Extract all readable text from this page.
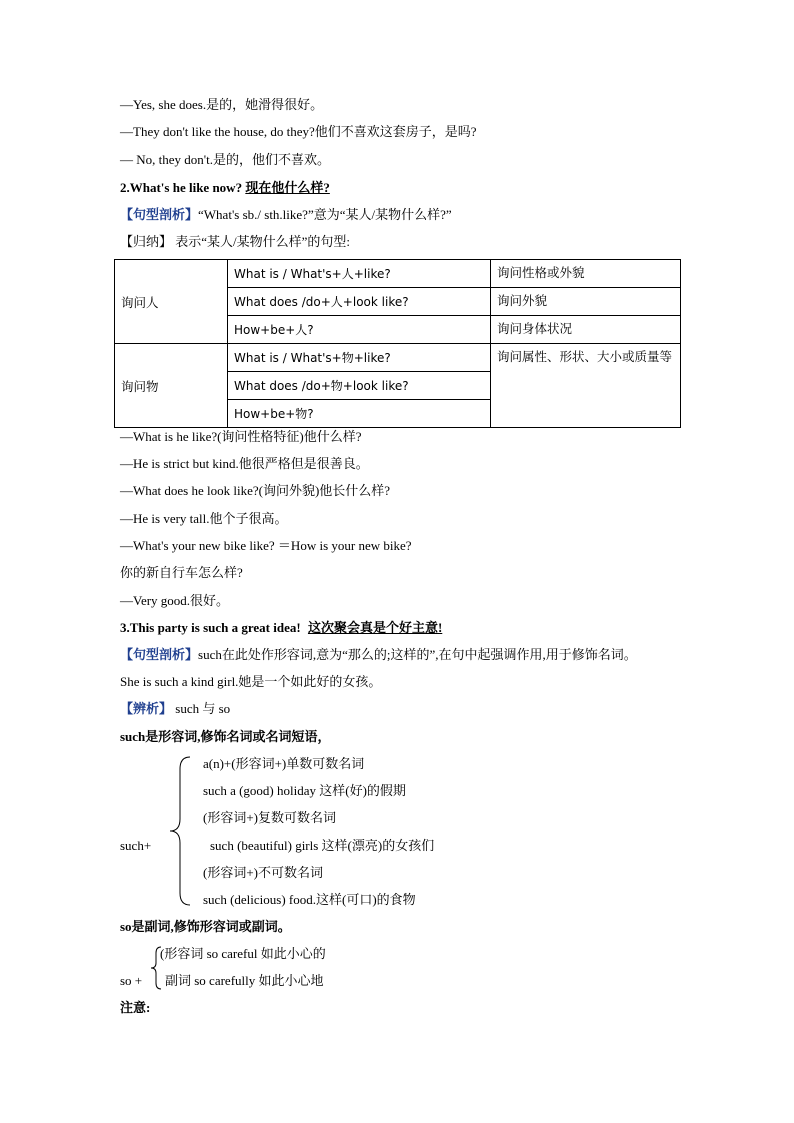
—Yes, she does.是的，她滑得很好。
—They don't like the house, do they?他们不喜欢这套房子，是吗?
— No, they don't.是的，他们不喜欢。
2.What's he like now? 现在他什么样?
【句型剖析】“What's sb./ sth.like?”意为“某人/某物什么样?”
【归纳】 表示“某人/某物什么样”的句型:
询问人	What is / What's+人+like?	询问性格或外貌
	What does /do+人+look like?	询问外貌
	How+be+人?	询问身体状况
询问物	What is / What's+物+like?	询问属性、形状、大小或质量等
	What does /do+物+look like?	
	How+be+物?	
—What is he like?(询问性格特征)他什么样?
—He is strict but kind.他很严格但是很善良。
—What does he look like?(询问外貌)他长什么样?
—He is very tall.他个子很高。
—What's your new bike like? ＝How is your new bike?
你的新自行车怎么样?
—Very good.很好。
3.This party is such a great idea! 这次聚会真是个好主意!
【句型剖析】such在此处作形容词,意为“那么的;这样的”,在句中起强调作用,用于修饰名词。
She is such a kind girl.她是一个如此好的女孩。
【辨析】 such 与 so
such是形容词,修饰名词或名词短语，
such+
a(n)+(形容词+)单数可数名词
such a (good) holiday 这样(好)的假期
(形容词+)复数可数名词
such (beautiful) girls 这样(漂亮)的女孩们
(形容词+)不可数名词
such (delicious) food.这样(可口)的食物
so是副词,修饰形容词或副词。
so +
(形容词 so careful 如此小心的
副词 so carefully 如此小心地
注意:
